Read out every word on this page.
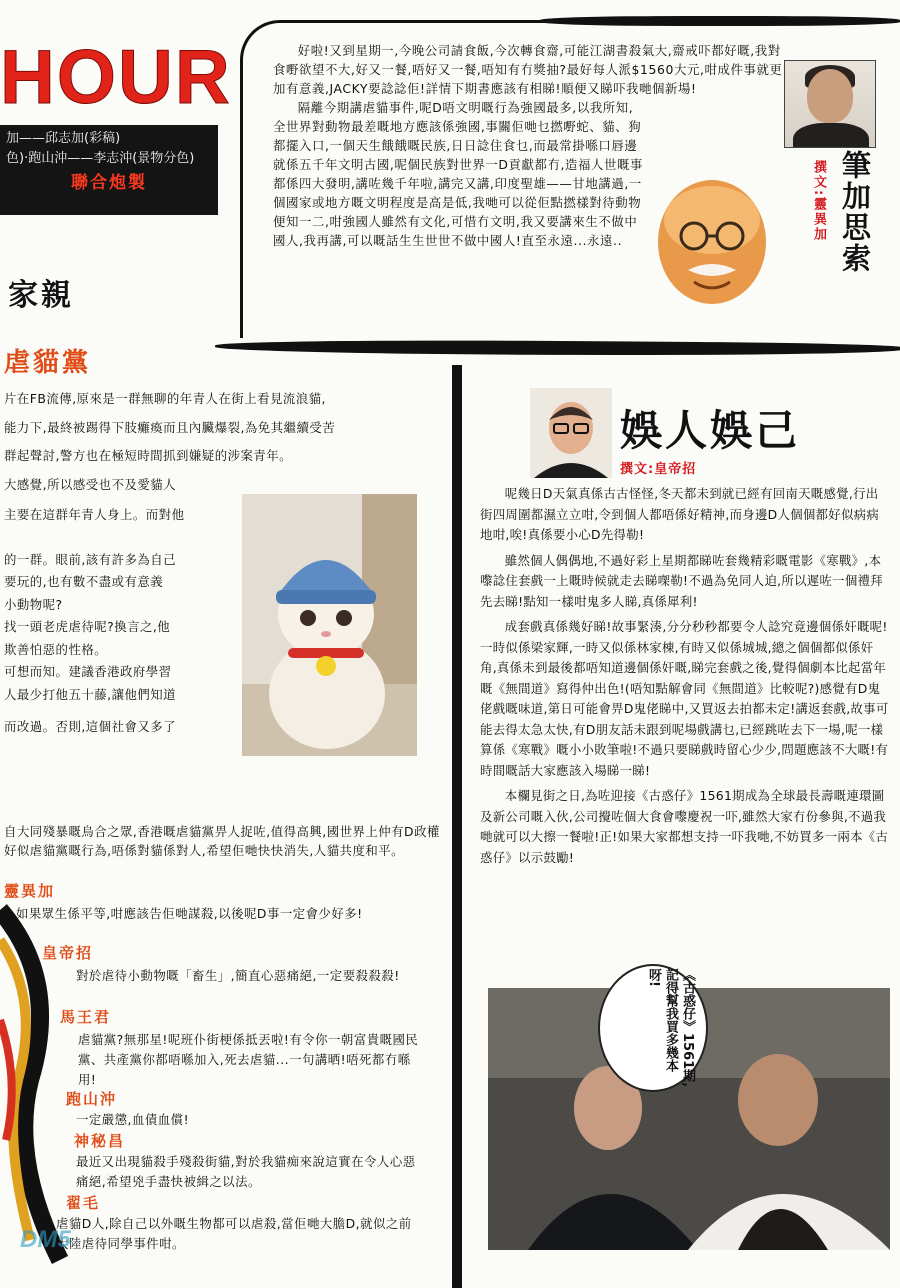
HOUR
加——邱志加(彩稿)
色)‧跑山沖——李志沖(景物分色)
聯合炮製

好啦!又到星期一,今晚公司請食飯,今次轉食齋,可能江湖書殺氣大,齋戒吓都好嘅,我對食嘢欲望不大,好又一餐,唔好又一餐,唔知有冇獎抽?最好每人派$1560大元,咁成件事就更加有意義,JACKY要諗諗佢!詳情下期書應該有相睇!順便又睇吓我哋個新場!

隔離今期講虐貓事件,呢D唔文明嘅行為強國最多,以我所知,全世界對動物最差嘅地方應該係強國,事關佢哋乜撚嘢蛇、貓、狗都擺入口,一個天生餓餓嘅民族,日日諗住食乜,而最常掛喺口唇邊就係五千年文明古國,呢個民族對世界一D貢獻都冇,造福人世嘅事都係四大發明,講咗幾千年啦,講完又講,印度聖雄——甘地講過,一個國家或地方嘅文明程度是高是低,我哋可以從佢點撚樣對待動物便知一二,咁強國人雖然有文化,可惜冇文明,我又要講來生不做中國人,我再講,可以嘅話生生世世不做中國人!直至永遠...永遠..	撰文:靈異加 筆加思索
家親
虐貓黨

片在FB流傳,原來是一群無聊的年青人在街上看見流浪貓,

能力下,最終被踢得下肢癱瘓而且內臟爆裂,為免其繼續受苦

群起聲討,警方也在極短時間抓到嫌疑的涉案青年。

大感覺,所以感受也不及愛貓人

主要在這群年青人身上。而對他

的一群。眼前,該有許多為自己

要玩的,也有數不盡或有意義

小動物呢?

找一頭老虎虐待呢?換言之,他

欺善怕惡的性格。

可想而知。建議香港政府學習

人最少打他五十藤,讓他們知道

而改過。否則,這個社會又多了

自大同殘暴嘅烏合之眾,香港嘅虐貓黨畀人捉咗,值得高興,國世界上仲有D政權好似虐貓黨嘅行為,唔係對貓係對人,希望佢哋快快消失,人貓共度和平。
靈異加
如果眾生係平等,咁應該告佢哋謀殺,以後呢D事一定會少好多!
皇帝招
對於虐待小動物嘅「畜生」,簡直心惡痛絕,一定要殺殺殺!
馬王君
虐貓黨?無那星!呢班仆街梗係抵丟啦!有令你一朝富貴嘅國民黨、共產黨你都唔喺加入,死去虐貓...一句講晒!唔死都冇喺用!
跑山沖
一定嚴懲,血債血償!
神秘昌
最近又出現貓殺手殘殺街貓,對於我貓痴來說這實在令人心惡痛絕,希望兇手盡快被緝之以法。
翟毛
虐貓D人,除自己以外嘅生物都可以虐殺,當佢哋大膽D,就似之前大陸虐待同學事件咁。
娛人娛己
撰文:皇帝招

呢幾日D天氣真係古古怪怪,冬天都未到就已經有回南天嘅感覺,行出街四周圍都濕立立咁,令到個人都唔係好精神,而身邊D人個個都好似病病地咁,唉!真係要小心D先得勒!

雖然個人偶偶地,不過好彩上星期都睇咗套幾精彩嘅電影《寒戰》,本嚟諗住套戲一上嘅時候就走去睇㗎勒!不過為免同人迫,所以遲咗一個禮拜先去睇!點知一樣咁鬼多人睇,真係犀利!

成套戲真係幾好睇!故事緊湊,分分秒秒都要令人諗究竟邊個係奸嘅呢!一時似係梁家輝,一時又似係林家棟,有時又似係城城,總之個個都似係奸角,真係未到最後都唔知道邊個係奸嘅,睇完套戲之後,覺得個劇本比起當年嘅《無間道》寫得仲出色!(唔知點解會同《無間道》比較呢?)感覺有D鬼佬戲嘅味道,第日可能會畀D鬼佬睇中,又買返去拍都未定!講返套戲,故事可能去得太急太快,有D朋友話未跟到呢場戲講乜,已經跳咗去下一場,呢一樣算係《寒戰》嘅小小敗筆啦!不過只要睇戲時留心少少,問題應該不大嘅!有時間嘅話大家應該入場睇一睇!

本欄見街之日,為咗迎接《古惑仔》1561期成為全球最長壽嘅連環圖及新公司嘅入伙,公司攪咗個大食會嚟慶祝一吓,雖然大家冇份參與,不過我哋就可以大擦一餐啦!正!如果大家都想支持一吓我哋,不妨買多一兩本《古惑仔》以示鼓勵!

《古惑仔》1561期,記得幫我買多幾本呀!
DM5
